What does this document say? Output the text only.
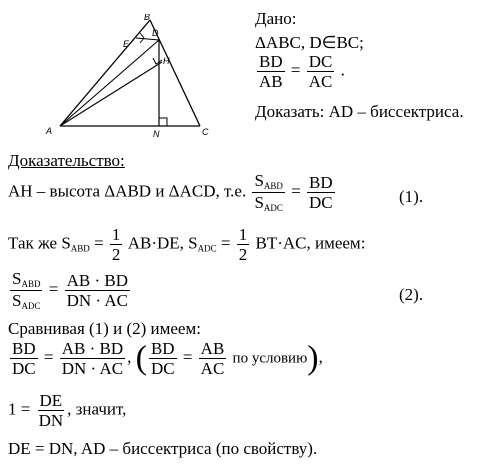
A
B
C
D
E
H
N
Дано:
ΔABC, D∈BC;
$\frac{BD}{AB} = \frac{DC}{AC}$ .
Доказать: AD – биссектриса.
Доказательство:
AH – высота ΔABD и ΔACD, т.е. $\frac{S_{ABD}}{S_{ADC}} = \frac{BD}{DC}$	(1).
Так же $S_{ABD} = \frac{1}{2} AB\cdot DE$, $S_{ADC} = \frac{1}{2} BT\cdot AC$, имеем:
$\frac{S_{ABD}}{S_{ADC}} = \frac{AB \cdot BD}{DN \cdot AC}$	(2).
Сравнивая (1) и (2) имеем:
$\frac{BD}{DC} = \frac{AB \cdot BD}{DN \cdot AC}$ , ( $\frac{BD}{DC} = \frac{AB}{AC}$ по условию),
$1 = \frac{DE}{DN}$ , значит,
DE = DN, AD – биссектриса (по свойству).
